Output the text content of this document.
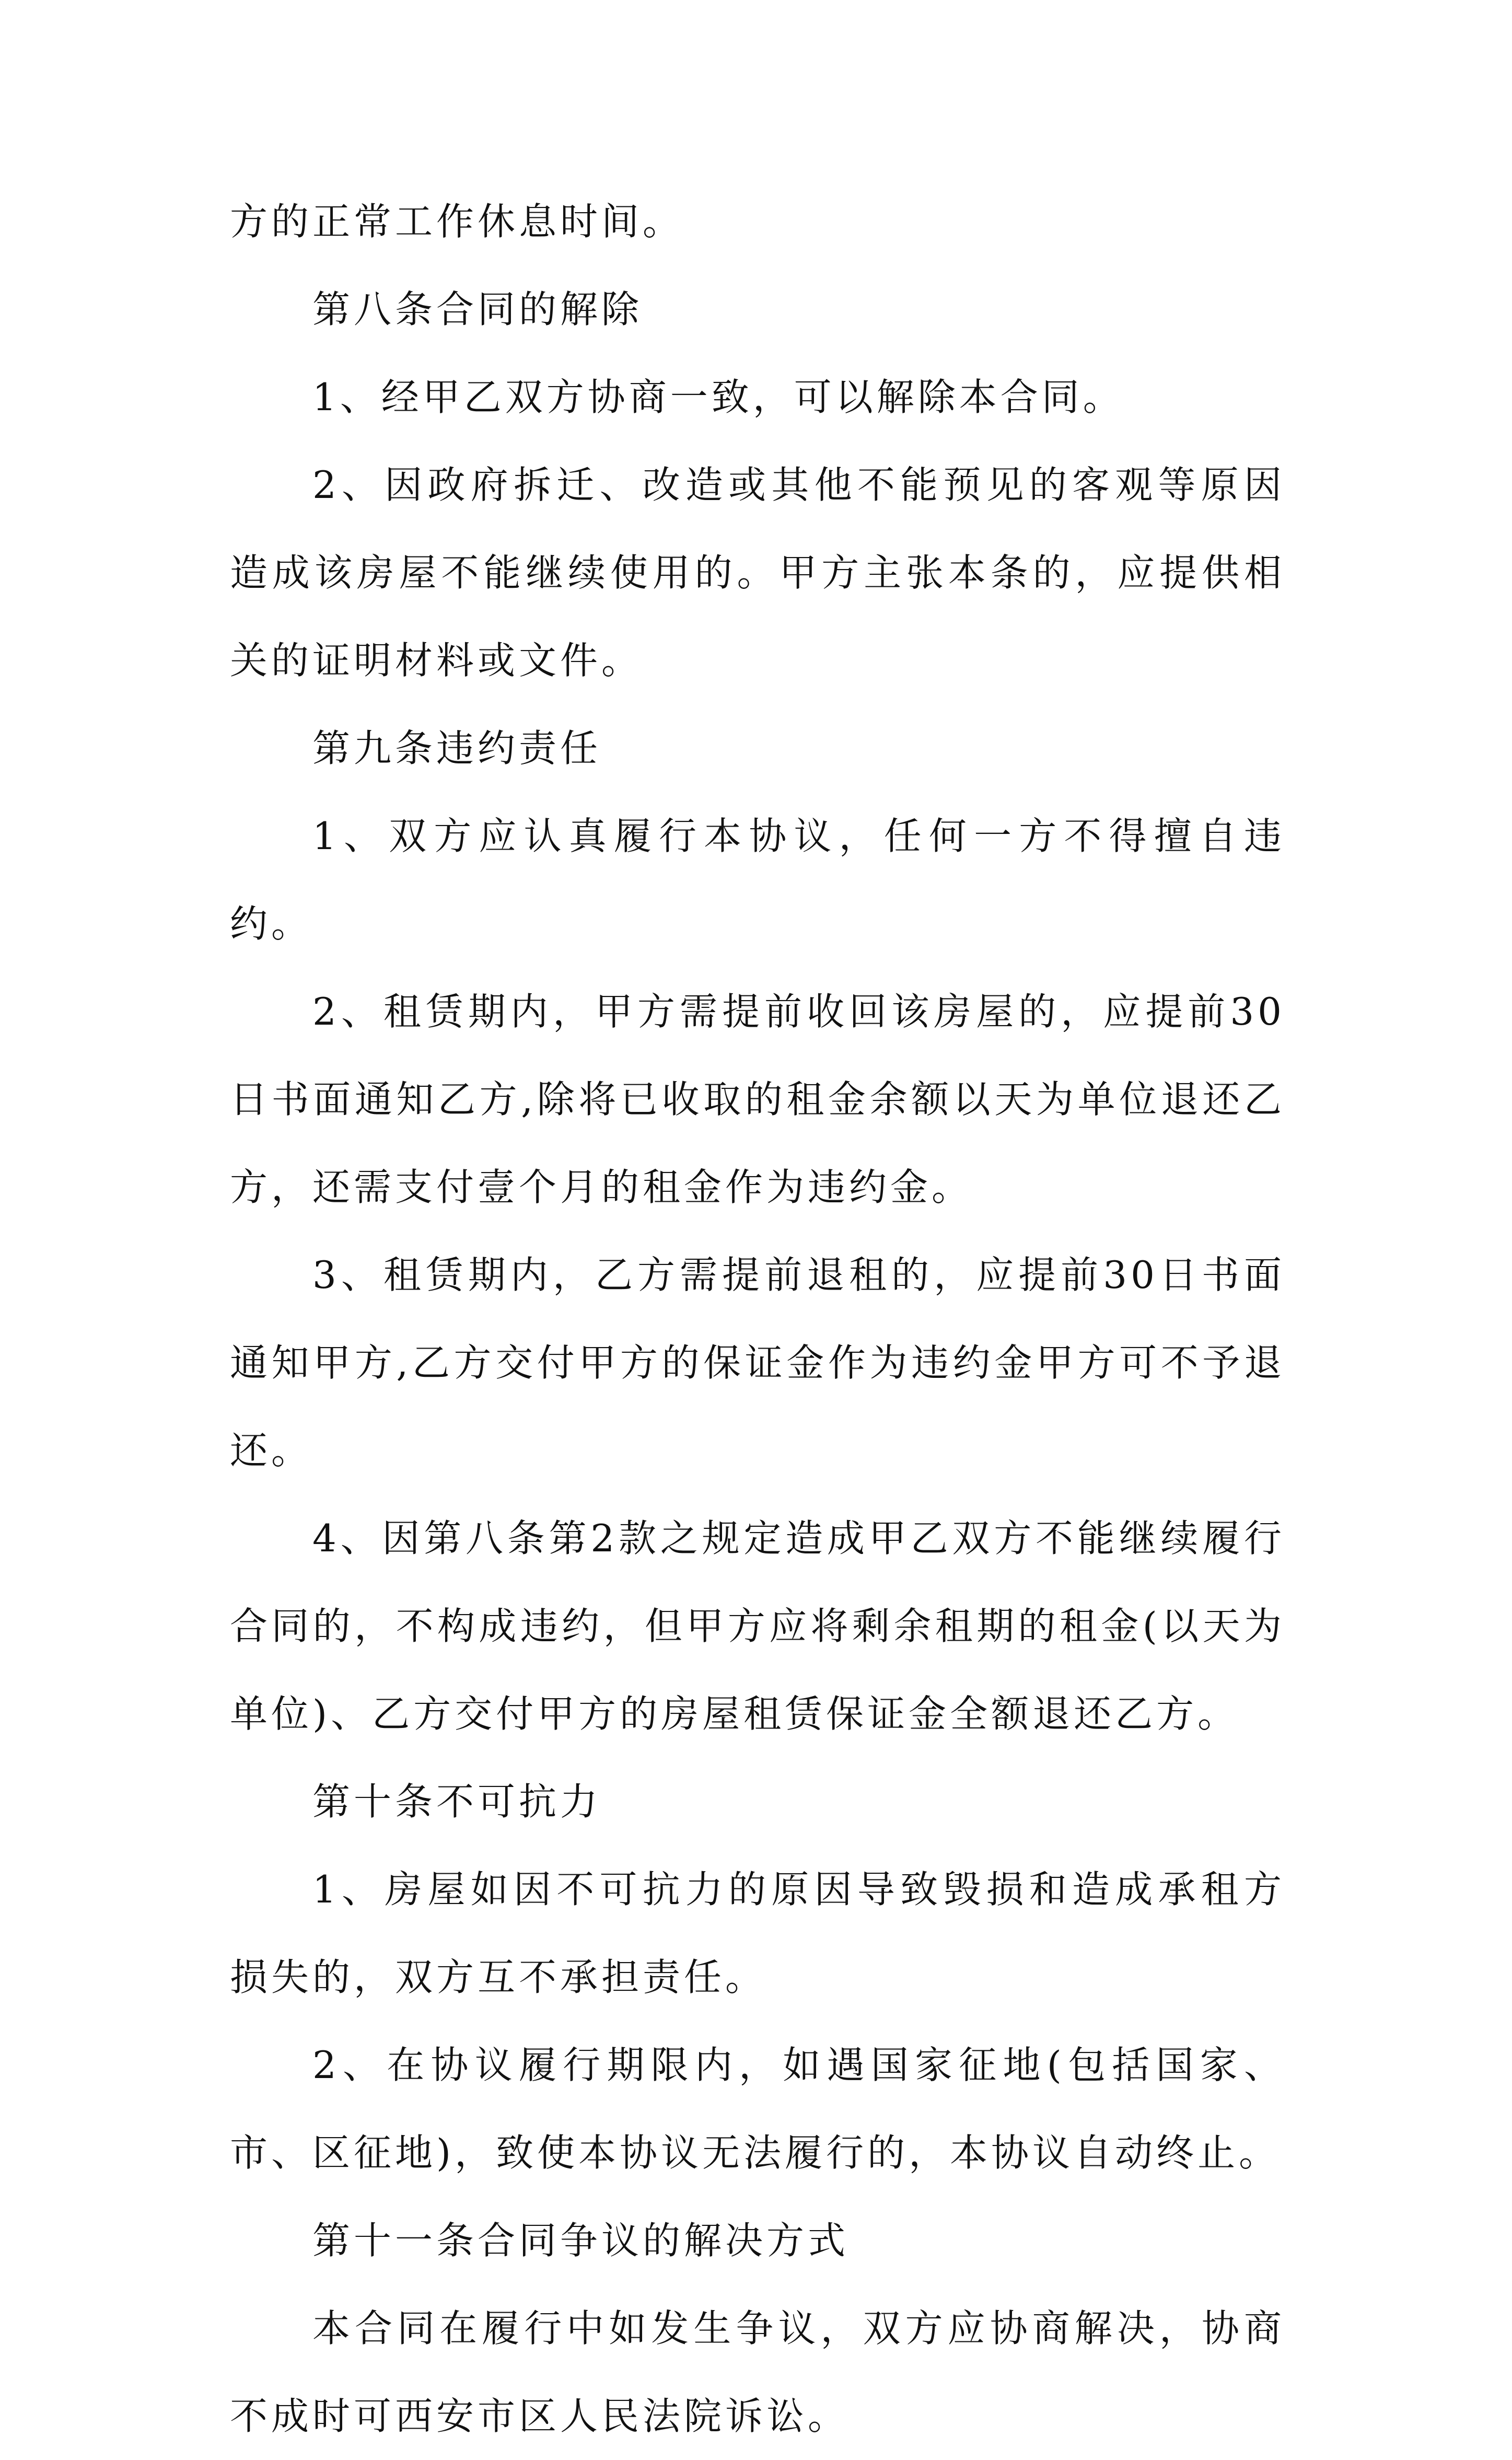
方的正常工作休息时间。

第八条合同的解除

1、经甲乙双方协商一致，可以解除本合同。

2、因政府拆迁、改造或其他不能预见的客观等原因造成该房屋不能继续使用的。甲方主张本条的，应提供相关的证明材料或文件。

第九条违约责任

1、双方应认真履行本协议，任何一方不得擅自违约。

2、租赁期内，甲方需提前收回该房屋的，应提前30日书面通知乙方,除将已收取的租金余额以天为单位退还乙方，还需支付壹个月的租金作为违约金。

3、租赁期内，乙方需提前退租的，应提前30日书面通知甲方,乙方交付甲方的保证金作为违约金甲方可不予退还。

4、因第八条第2款之规定造成甲乙双方不能继续履行合同的，不构成违约，但甲方应将剩余租期的租金(以天为单位)、乙方交付甲方的房屋租赁保证金全额退还乙方。

第十条不可抗力

1、房屋如因不可抗力的原因导致毁损和造成承租方损失的，双方互不承担责任。

2、在协议履行期限内，如遇国家征地(包括国家、市、区征地)，致使本协议无法履行的，本协议自动终止。

第十一条合同争议的解决方式

本合同在履行中如发生争议，双方应协商解决，协商不成时可西安市区人民法院诉讼。
